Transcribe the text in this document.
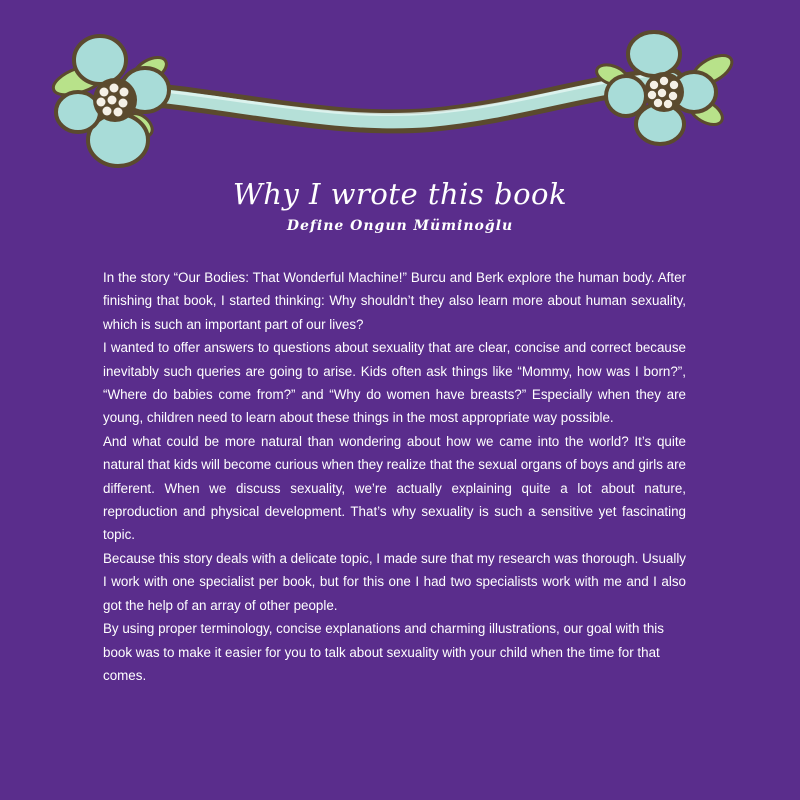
Why I wrote this book
Define Ongun Müminoğlu

In the story “Our Bodies: That Wonderful Machine!” Burcu and Berk explore the human body. After finishing that book, I started thinking: Why shouldn’t they also learn more about human sexuality, which is such an important part of our lives?

I wanted to offer answers to questions about sexuality that are clear, concise and correct because inevitably such queries are going to arise. Kids often ask things like “Mommy, how was I born?”, “Where do babies come from?” and “Why do women have breasts?” Especially when they are young, children need to learn about these things in the most appropriate way possible.

And what could be more natural than wondering about how we came into the world? It’s quite natural that kids will become curious when they realize that the sexual organs of boys and girls are different. When we discuss sexuality, we’re actually explaining quite a lot about nature, reproduction and physical development. That’s why sexuality is such a sensitive yet fascinating topic.

Because this story deals with a delicate topic, I made sure that my research was thorough. Usually I work with one specialist per book, but for this one I had two specialists work with me and I also got the help of an array of other people.

By using proper terminology, concise explanations and charming illustrations, our goal with this book was to make it easier for you to talk about sexuality with your child when the time for that comes.
